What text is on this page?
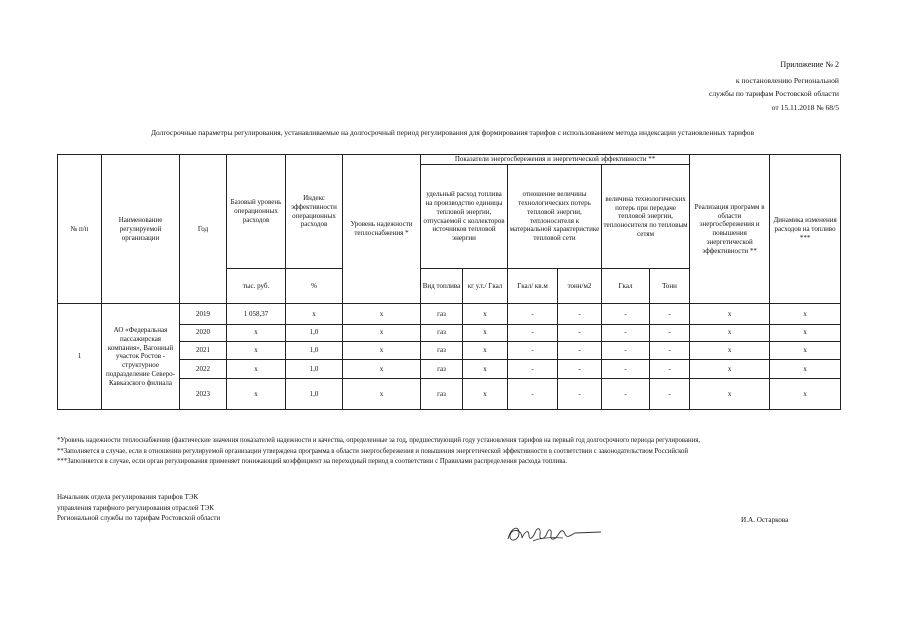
Приложение № 2
к постановлению Региональной
службы по тарифам Ростовской области
от 15.11.2018 № 68/5
Долгосрочные параметры регулирования, устанавливаемые на долгосрочный период регулирования для формирования тарифов с использованием метода индексации установленных тарифов
№ п/п	Наименование регулируемой организации	Год	Базовый уровень операционных расходов	Индекс эффективности операционных расходов	Уровень надежности теплоснабжения *	Показатели энергосбережения и энергетической эффективности **						Реализация программ в области энергосбережения и повышения энергетической эффективности **	Динамика изменения расходов на топливо ***
						удельный расход топлива на производство единицы тепловой энергии, отпускаемой с коллекторов источников тепловой энергии		отношение величины технологических потерь тепловой энергии, теплоносителя к материальной характеристике тепловой сети		величина технологических потерь при передаче тепловой энергии, теплоносителя по тепловым сетям			
			тыс. руб.	%		Вид топлива	кг у.т./ Гкал	Гкал/ кв.м	тонн/м2	Гкал	Тонн		
1	АО «Федеральная пассажирская компания», Вагонный участок Ростов - структурное подразделение Северо-Кавказского филиала	2019	1 058,37	х	х	газ	х	-	-	-	-	х	х
		2020	х	1,0	х	газ	х	-	-	-	-	х	х
		2021	х	1,0	х	газ	х	-	-	-	-	х	х
		2022	х	1,0	х	газ	х	-	-	-	-	х	х
		2023	х	1,0	х	газ	х	-	-	-	-	х	х
*Уровень надежности теплоснабжения (фактические значения показателей надежности и качества, определенные за год, предшествующий году установления тарифов на первый год долгосрочного периода регулирования,
**Заполняется в случае, если в отношении регулируемой организации утверждена программа в области энергосбережения и повышения энергетической эффективности в соответствии с законодательством Российской
***Заполняется в случае, если орган регулирования применяет понижающий коэффициент на переходный период в соответствии с Правилами распределения расхода топлива.
Начальник отдела регулирования тарифов ТЭК
управления тарифного регулирования отраслей ТЭК
Региональной службы по тарифам Ростовской области	И.А. Остаркова
